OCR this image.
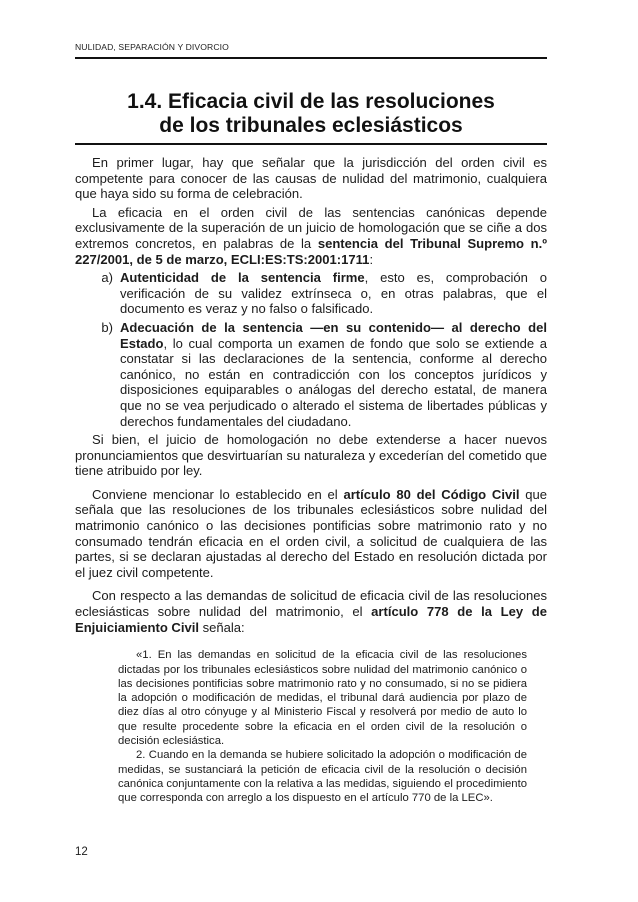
NULIDAD, SEPARACIÓN Y DIVORCIO
1.4. Eficacia civil de las resoluciones
de los tribunales eclesiásticos

En primer lugar, hay que señalar que la jurisdicción del orden civil es competente para conocer de las causas de nulidad del matrimonio, cualquiera que haya sido su forma de celebración.

La eficacia en el orden civil de las sentencias canónicas depende exclusivamente de la superación de un juicio de homologación que se ciñe a dos extremos concretos, en palabras de la sentencia del Tribunal Supremo n.º 227/2001, de 5 de marzo, ECLI:ES:TS:2001:1711:

a) Autenticidad de la sentencia firme, esto es, comprobación o verificación de su validez extrínseca o, en otras palabras, que el documento es veraz y no falso o falsificado.
b) Adecuación de la sentencia —en su contenido— al derecho del Estado, lo cual comporta un examen de fondo que solo se extiende a constatar si las declaraciones de la sentencia, conforme al derecho canónico, no están en contradicción con los conceptos jurídicos y disposiciones equiparables o análogas del derecho estatal, de manera que no se vea perjudicado o alterado el sistema de libertades públicas y derechos fundamentales del ciudadano.

Si bien, el juicio de homologación no debe extenderse a hacer nuevos pronunciamientos que desvirtuarían su naturaleza y excederían del cometido que tiene atribuido por ley.

Conviene mencionar lo establecido en el artículo 80 del Código Civil que señala que las resoluciones de los tribunales eclesiásticos sobre nulidad del matrimonio canónico o las decisiones pontificias sobre matrimonio rato y no consumado tendrán eficacia en el orden civil, a solicitud de cualquiera de las partes, si se declaran ajustadas al derecho del Estado en resolución dictada por el juez civil competente.

Con respecto a las demandas de solicitud de eficacia civil de las resoluciones eclesiásticas sobre nulidad del matrimonio, el artículo 778 de la Ley de Enjuiciamiento Civil señala:

«1. En las demandas en solicitud de la eficacia civil de las resoluciones dictadas por los tribunales eclesiásticos sobre nulidad del matrimonio canónico o las decisiones pontificias sobre matrimonio rato y no consumado, si no se pidiera la adopción o modificación de medidas, el tribunal dará audiencia por plazo de diez días al otro cónyuge y al Ministerio Fiscal y resolverá por medio de auto lo que resulte procedente sobre la eficacia en el orden civil de la resolución o decisión eclesiástica.

2. Cuando en la demanda se hubiere solicitado la adopción o modificación de medidas, se sustanciará la petición de eficacia civil de la resolución o decisión canónica conjuntamente con la relativa a las medidas, siguiendo el procedimiento que corresponda con arreglo a los dispuesto en el artículo 770 de la LEC».

12
